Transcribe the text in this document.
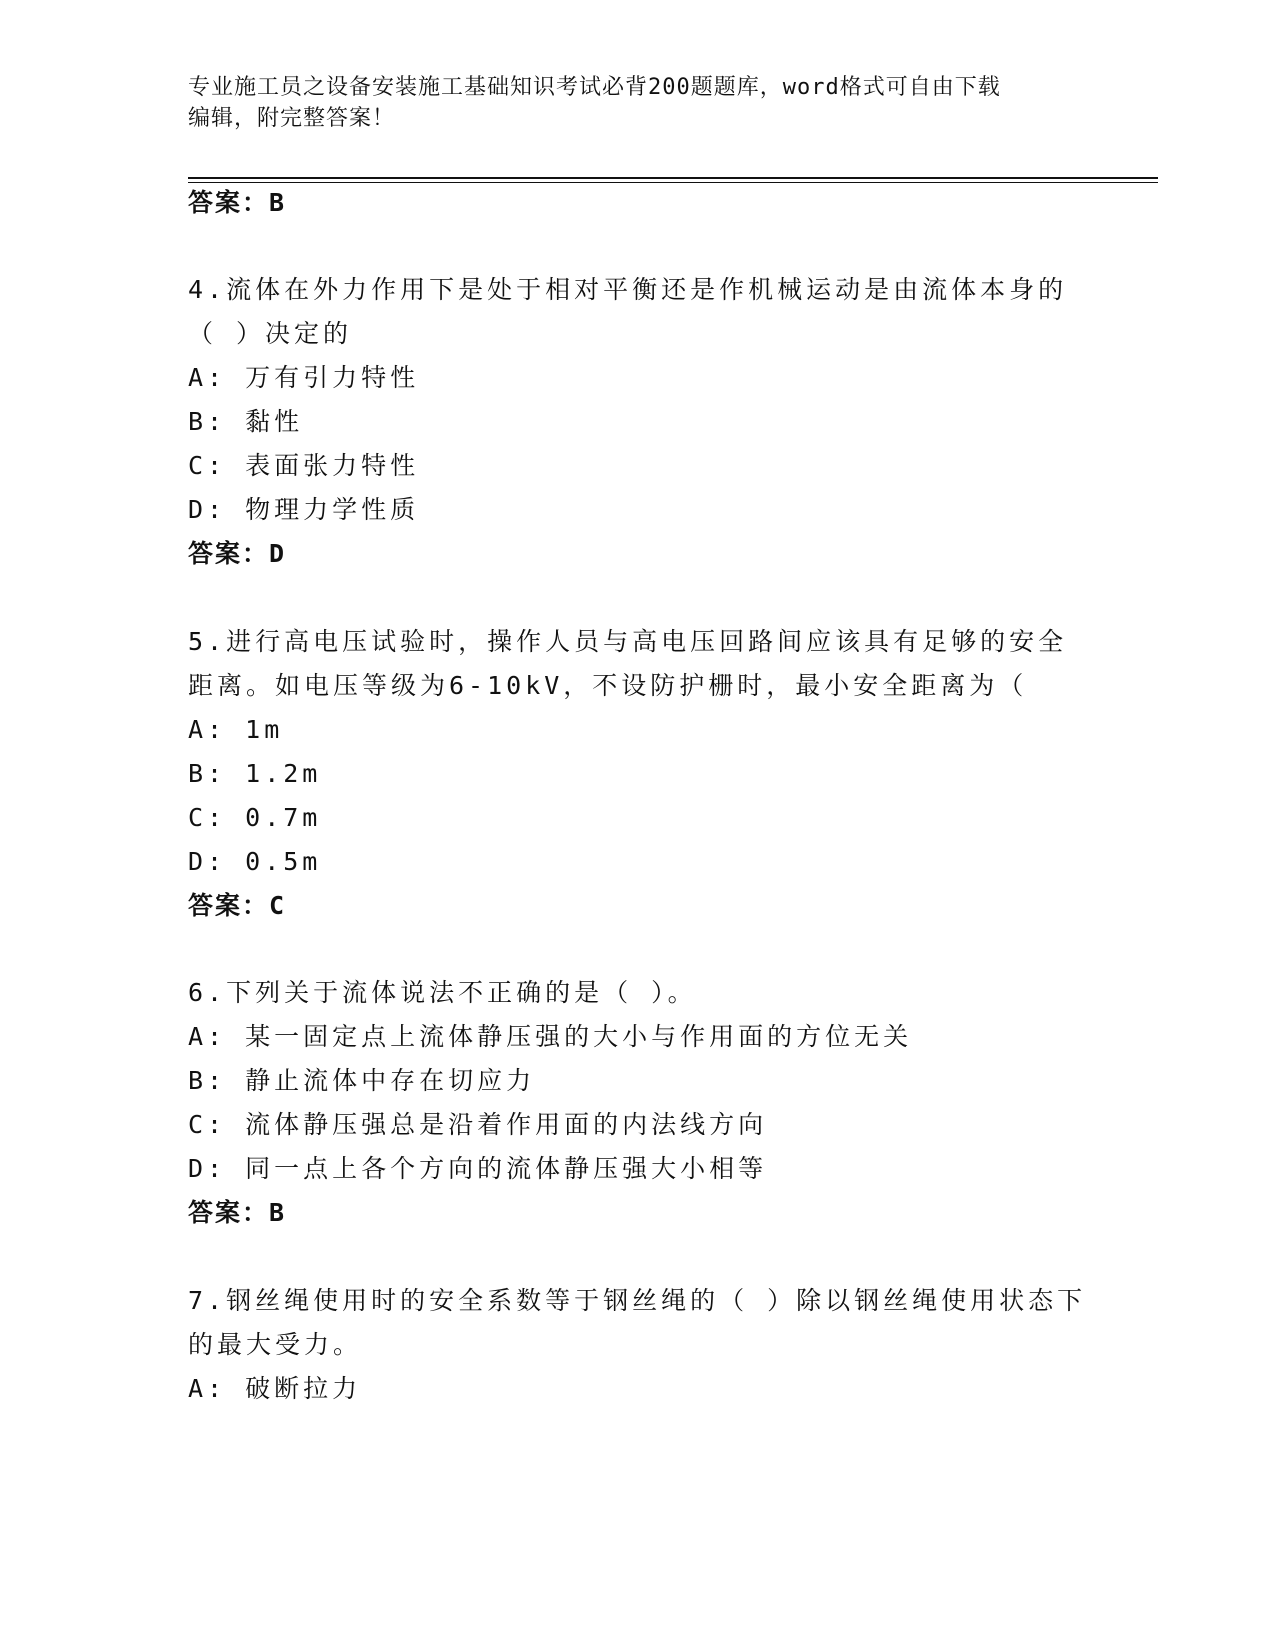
专业施工员之设备安装施工基础知识考试必背200题题库，word格式可自由下载
编辑，附完整答案！
答案：B
4.流体在外力作用下是处于相对平衡还是作机械运动是由流体本身的
（ ）决定的
A: 万有引力特性
B: 黏性
C: 表面张力特性
D: 物理力学性质
答案：D
5.进行高电压试验时，操作人员与高电压回路间应该具有足够的安全
距离。如电压等级为6-10kV，不设防护栅时，最小安全距离为（
A: 1m
B: 1.2m
C: 0.7m
D: 0.5m
答案：C
6.下列关于流体说法不正确的是（ ）。
A: 某一固定点上流体静压强的大小与作用面的方位无关
B: 静止流体中存在切应力
C: 流体静压强总是沿着作用面的内法线方向
D: 同一点上各个方向的流体静压强大小相等
答案：B
7.钢丝绳使用时的安全系数等于钢丝绳的（ ）除以钢丝绳使用状态下
的最大受力。
A: 破断拉力
